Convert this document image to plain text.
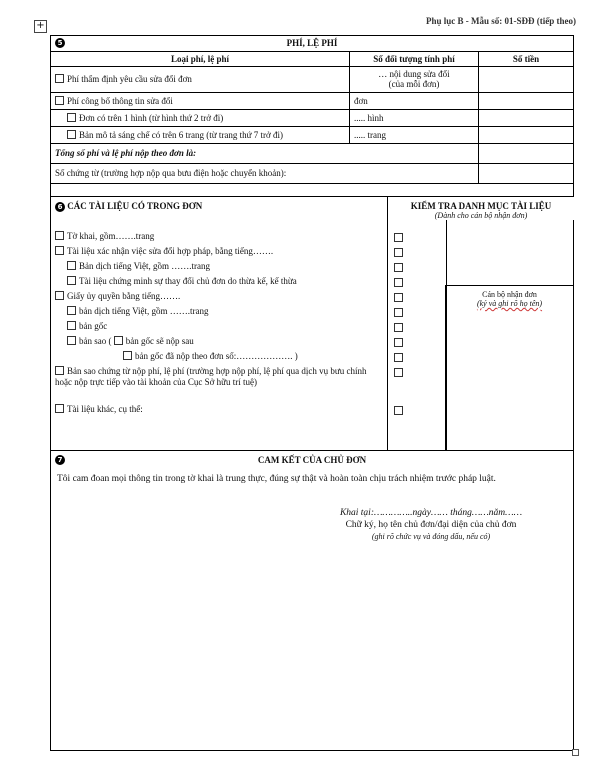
+	Phụ lục B - Mẫu số: 01-SĐĐ (tiếp theo)
5 PHÍ, LỆ PHÍ		
Loại phí, lệ phí	Số đối tượng tính phí	Số tiền
Phí thẩm định yêu cầu sửa đổi đơn	… nội dung sửa đổi
(của mỗi đơn)	
Phí công bố thông tin sửa đổi	đơn	
Đơn có trên 1 hình (từ hình thứ 2 trở đi)	..... hình	
Bản mô tả sáng chế có trên 6 trang (từ trang thứ 7 trở đi)	..... trang	
Tổng số phí và lệ phí nộp theo đơn là:		
Số chứng từ (trường hợp nộp qua bưu điện hoặc chuyển khoản):		
6 CÁC TÀI LIỆU CÓ TRONG ĐƠN
Tờ khai, gồm…….trang
Tài liệu xác nhận việc sửa đổi hợp pháp, bằng tiếng…….
Bản dịch tiếng Việt, gồm …….trang
Tài liệu chứng minh sự thay đổi chủ đơn do thừa kế, kế thừa
Giấy ủy quyền bằng tiếng…….
bản dịch tiếng Việt, gồm …….trang
bản gốc
bản sao ( bản gốc sẽ nộp sau
bản gốc đã nộp theo đơn số:………………. )
Bản sao chứng từ nộp phí, lệ phí (trường hợp nộp phí, lệ phí qua dịch vụ bưu chính hoặc nộp trực tiếp vào tài khoản của Cục Sở hữu trí tuệ)
Tài liệu khác, cụ thể:
KIỂM TRA DANH MỤC TÀI LIỆU
(Dành cho cán bộ nhận đơn)
Cán bộ nhận đơn
(ký và ghi rõ họ tên)
7	CAM KẾT CỦA CHỦ ĐƠN
Tôi cam đoan mọi thông tin trong tờ khai là trung thực, đúng sự thật và hoàn toàn chịu trách nhiệm trước pháp luật.
Khai tại:…………..ngày…… tháng……năm……
Chữ ký, họ tên chủ đơn/đại diện của chủ đơn
(ghi rõ chức vụ và đóng dấu, nếu có)
